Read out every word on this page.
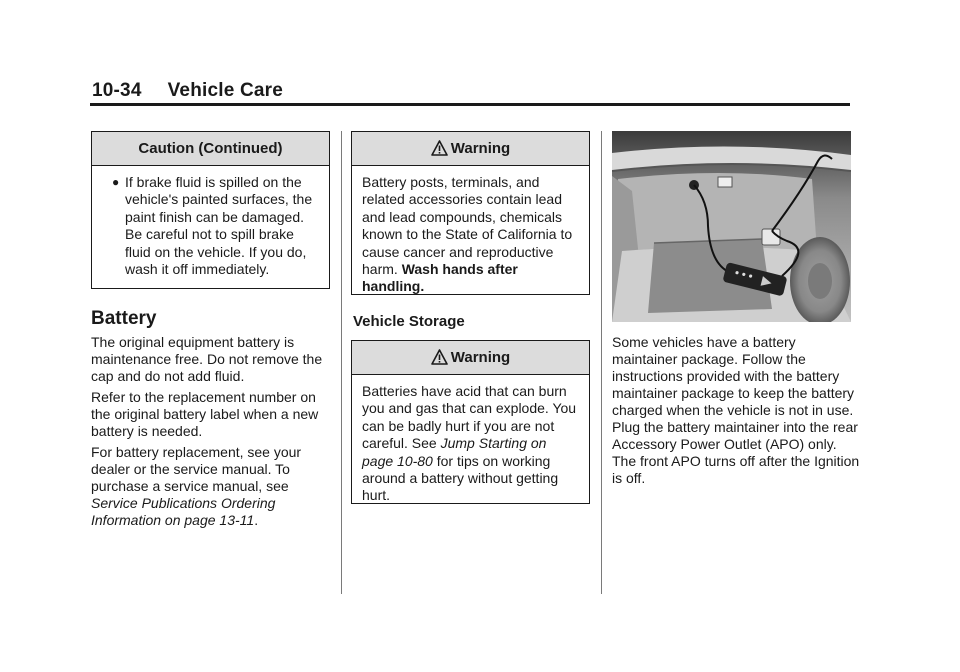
10-34 Vehicle Care
Caution (Continued)
● If brake fluid is spilled on the vehicle's painted surfaces, the paint finish can be damaged. Be careful not to spill brake fluid on the vehicle. If you do, wash it off immediately.
Battery
The original equipment battery is maintenance free. Do not remove the cap and do not add fluid.
Refer to the replacement number on the original battery label when a new battery is needed.
For battery replacement, see your dealer or the service manual. To purchase a service manual, see Service Publications Ordering Information on page 13-11.
Warning
Battery posts, terminals, and related accessories contain lead and lead compounds, chemicals known to the State of California to cause cancer and reproductive harm. Wash hands after handling.
Vehicle Storage
Warning
Batteries have acid that can burn you and gas that can explode. You can be badly hurt if you are not careful. See Jump Starting on page 10-80 for tips on working around a battery without getting hurt.
Some vehicles have a battery maintainer package. Follow the instructions provided with the battery maintainer package to keep the battery charged when the vehicle is not in use. Plug the battery maintainer into the rear Accessory Power Outlet (APO) only. The front APO turns off after the Ignition is off.
